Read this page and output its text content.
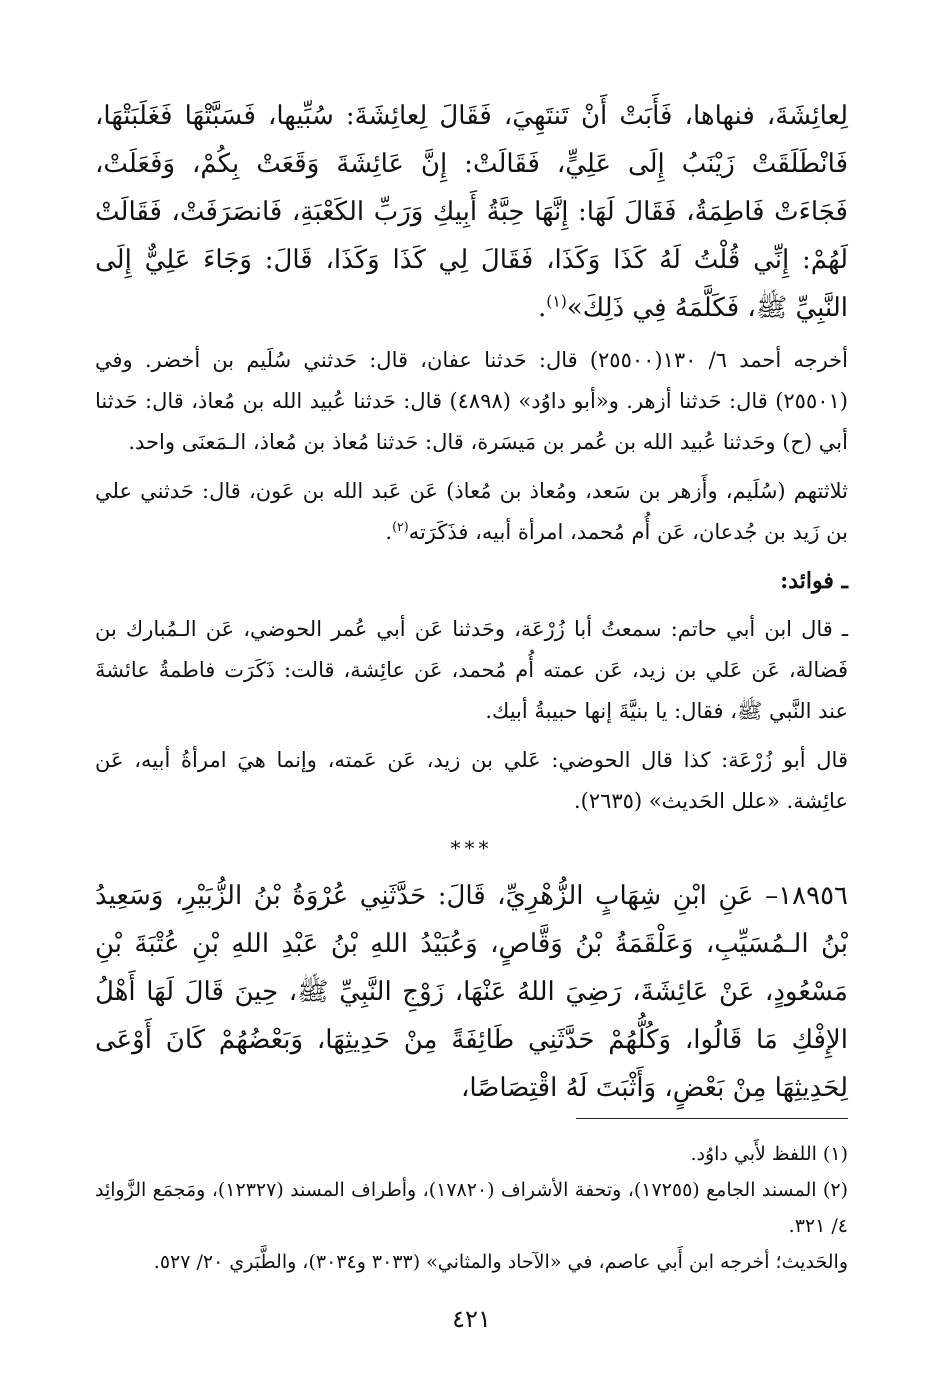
لِعائِشَةَ، فنهاها، فَأَبَتْ أَنْ تَنتَهِيَ، فَقَالَ لِعائِشَةَ: سُبِّيها، فَسَبَّتْهَا فَغَلَبَتْهَا، فَانْطَلَقَتْ زَيْنَبُ إِلَى عَلِيٍّ، فَقَالَتْ: إِنَّ عَائِشَةَ وَقَعَتْ بِكُمْ، وَفَعَلَتْ، فَجَاءَتْ فَاطِمَةُ، فَقَالَ لَهَا: إِنَّهَا حِبَّةُ أَبِيكِ وَرَبِّ الكَعْبَةِ، فَانصَرَفَتْ، فَقَالَتْ لَهُمْ: إِنِّي قُلْتُ لَهُ كَذَا وَكَذَا، فَقَالَ لِي كَذَا وَكَذَا، قَالَ: وَجَاءَ عَلِيٌّ إِلَى النَّبِيِّ ﷺ، فَكَلَّمَهُ فِي ذَلِكَ»$^{(١)}$.

أخرجه أحمد ٦/ ١٣٠(٢٥٥٠٠) قال: حَدثنا عفان، قال: حَدثني سُلَيم بن أخضر. وفي (٢٥٥٠١) قال: حَدثنا أزهر. و«أبو داوُد» (٤٨٩٨) قال: حَدثنا عُبيد الله بن مُعاذ، قال: حَدثنا أبي (ح) وحَدثنا عُبيد الله بن عُمر بن مَيسَرة، قال: حَدثنا مُعاذ بن مُعاذ، الـمَعنَى واحد.

ثلاثتهم (سُلَيم، وأَزهر بن سَعد، ومُعاذ بن مُعاذ) عَن عَبد الله بن عَون، قال: حَدثني علي بن زَيد بن جُدعان، عَن أُم مُحمد، امرأة أبيه، فذَكَرَته$^{(٢)}$.

ـ فوائد:

ـ قال ابن أبي حاتم: سمعتُ أبا زُرْعَة، وحَدثنا عَن أبي عُمر الحوضي، عَن الـمُبارك بن فَضالة، عَن عَلي بن زيد، عَن عمته أُم مُحمد، عَن عائِشة، قالت: ذَكَرَت فاطمةُ عائشةَ عند النَّبي ﷺ، فقال: يا بنيَّةَ إنها حبيبةُ أبيك.

قال أبو زُرْعَة: كذا قال الحوضي: عَلي بن زيد، عَن عَمته، وإنما هيَ امرأةُ أبيه، عَن عائِشة. «علل الحَديث» (٢٦٣٥).

***

١٨٩٥٦– عَنِ ابْنِ شِهَابٍ الزُّهْرِيِّ، قَالَ: حَدَّثَنِي عُرْوَةُ بْنُ الزُّبَيْرِ، وَسَعِيدُ بْنُ الـمُسَيِّبِ، وَعَلْقَمَةُ بْنُ وَقَّاصٍ، وَعُبَيْدُ اللهِ بْنُ عَبْدِ اللهِ بْنِ عُتْبَةَ بْنِ مَسْعُودٍ، عَنْ عَائِشَةَ، رَضِيَ اللهُ عَنْهَا، زَوْجِ النَّبِيِّ ﷺ، حِينَ قَالَ لَهَا أَهْلُ الإِفْكِ مَا قَالُوا، وَكُلُّهُمْ حَدَّثَنِي طَائِفَةً مِنْ حَدِيثِهَا، وَبَعْضُهُمْ كَانَ أَوْعَى لِحَدِيثِهَا مِنْ بَعْضٍ، وَأَثْبَتَ لَهُ اقْتِصَاصًا،

(١) اللفظ لأَبي داوُد.

(٢) المسند الجامع (١٧٢٥٥)، وتحفة الأشراف (١٧٨٢٠)، وأطراف المسند (١٢٣٢٧)، ومَجمَع الزَّوائِد ٤/ ٣٢١.

والحَديث؛ أخرجه ابن أَبي عاصم، في «الآحاد والمثاني» (٣٠٣٣ و٣٠٣٤)، والطَّبَري ٢٠/ ٥٢٧.

٤٢١
